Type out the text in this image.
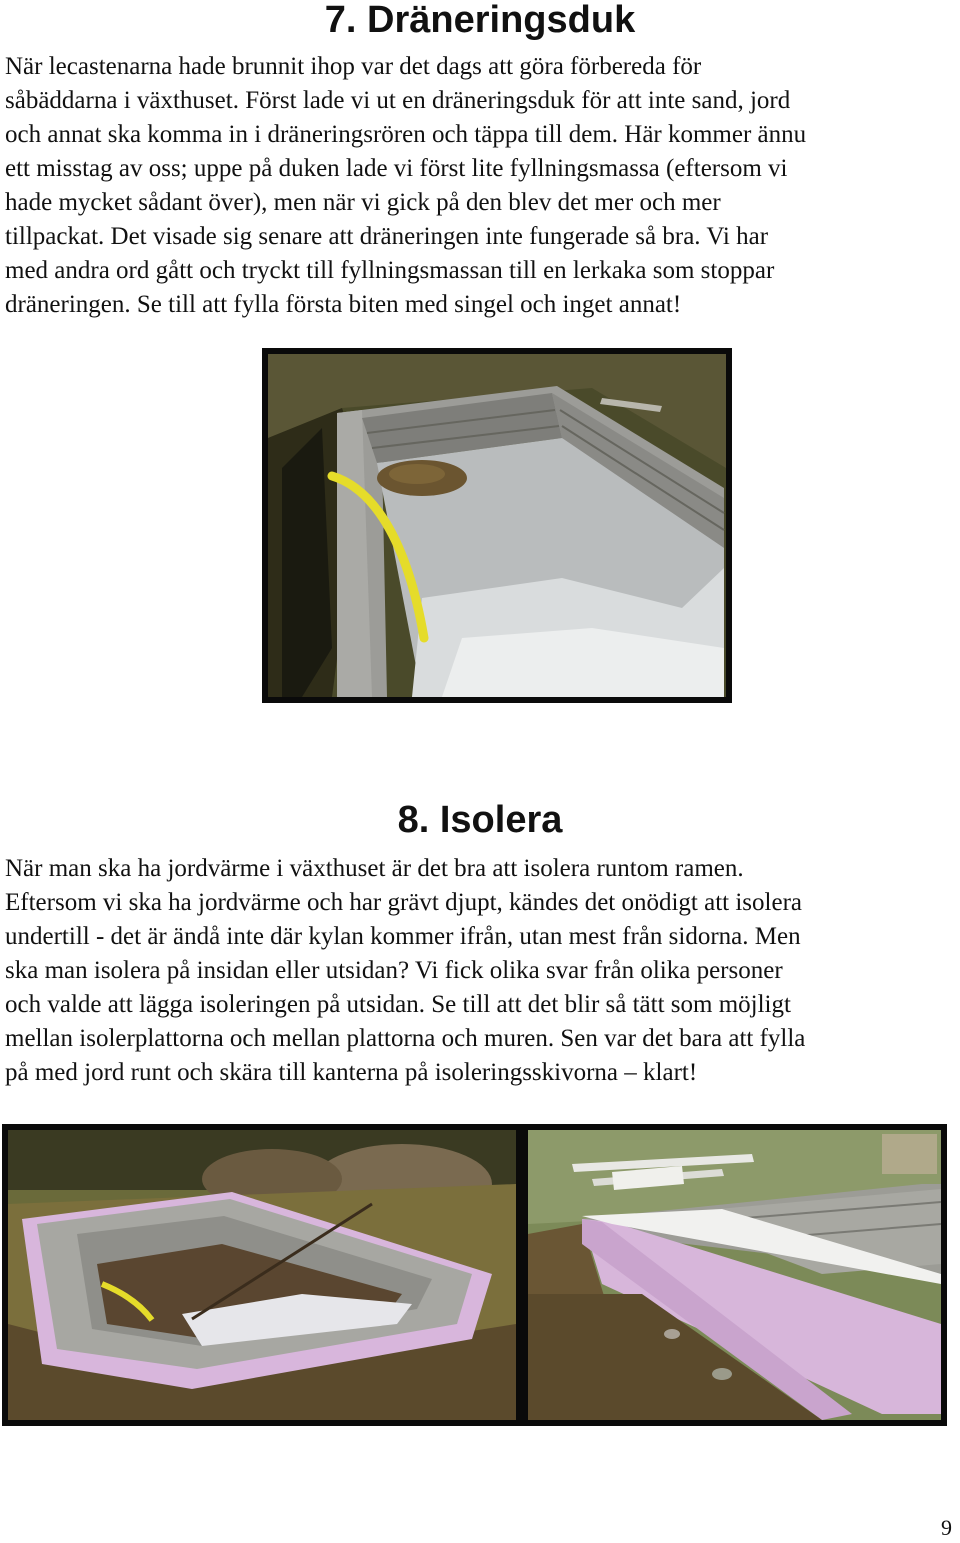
7. Dräneringsduk
När lecastenarna hade brunnit ihop var det dags att göra förbereda för
såbäddarna i växthuset. Först lade vi ut en dräneringsduk för att inte sand, jord
och annat ska komma in i dräneringsrören och täppa till dem. Här kommer ännu
ett misstag av oss; uppe på duken lade vi först lite fyllningsmassa (eftersom vi
hade mycket sådant över), men när vi gick på den blev det mer och mer
tillpackat. Det visade sig senare att dräneringen inte fungerade så bra. Vi har
med andra ord gått och tryckt till fyllningsmassan till en lerkaka som stoppar
dräneringen. Se till att fylla första biten med singel och inget annat!
8. Isolera
När man ska ha jordvärme i växthuset är det bra att isolera runtom ramen.
Eftersom vi ska ha jordvärme och har grävt djupt, kändes det onödigt att isolera
undertill - det är ändå inte där kylan kommer ifrån, utan mest från sidorna. Men
ska man isolera på insidan eller utsidan? Vi fick olika svar från olika personer
och valde att lägga isoleringen på utsidan. Se till att det blir så tätt som möjligt
mellan isolerplattorna och mellan plattorna och muren. Sen var det bara att fylla
på med jord runt och skära till kanterna på isoleringsskivorna – klart!
9
